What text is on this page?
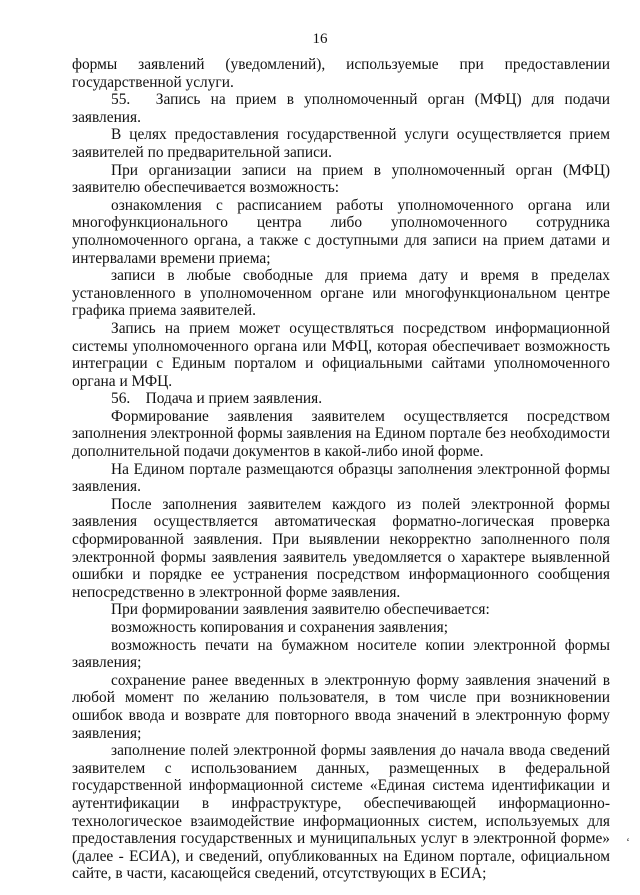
16

формы заявлений (уведомлений), используемые при предоставлении государственной услуги.

55.  Запись на прием в уполномоченный орган (МФЦ) для подачи заявления.

В целях предоставления государственной услуги осуществляется прием заявителей по предварительной записи.

При организации записи на прием в уполномоченный орган (МФЦ) заявителю обеспечивается возможность:

ознакомления с расписанием работы уполномоченного органа или многофункционального центра либо уполномоченного сотрудника уполномоченного органа, а также с доступными для записи на прием датами и интервалами времени приема;

записи в любые свободные для приема дату и время в пределах установленного в уполномоченном органе или многофункциональном центре графика приема заявителей.

Запись на прием может осуществляться посредством информационной системы уполномоченного органа или МФЦ, которая обеспечивает возможность интеграции с Единым порталом и официальными сайтами уполномоченного органа и МФЦ.

56. Подача и прием заявления.

Формирование заявления заявителем осуществляется посредством заполнения электронной формы заявления на Едином портале без необходимости дополнительной подачи документов в какой-либо иной форме.

На Едином портале размещаются образцы заполнения электронной формы заявления.

После заполнения заявителем каждого из полей электронной формы заявления осуществляется автоматическая форматно-логическая проверка сформированной заявления. При выявлении некорректно заполненного поля электронной формы заявления заявитель уведомляется о характере выявленной ошибки и порядке ее устранения посредством информационного сообщения непосредственно в электронной форме заявления.

При формировании заявления заявителю обеспечивается:

возможность копирования и сохранения заявления;

возможность печати на бумажном носителе копии электронной формы заявления;

сохранение ранее введенных в электронную форму заявления значений в любой момент по желанию пользователя, в том числе при возникновении ошибок ввода и возврате для повторного ввода значений в электронную форму заявления;

заполнение полей электронной формы заявления до начала ввода сведений заявителем с использованием данных, размещенных в федеральной государственной информационной системе «Единая система идентификации и аутентификации в инфраструктуре, обеспечивающей информационно-технологическое взаимодействие информационных систем, используемых для предоставления государственных и муниципальных услуг в электронной форме» (далее - ЕСИА), и сведений, опубликованных на Едином портале, официальном сайте, в части, касающейся сведений, отсутствующих в ЕСИА;

ʻ
